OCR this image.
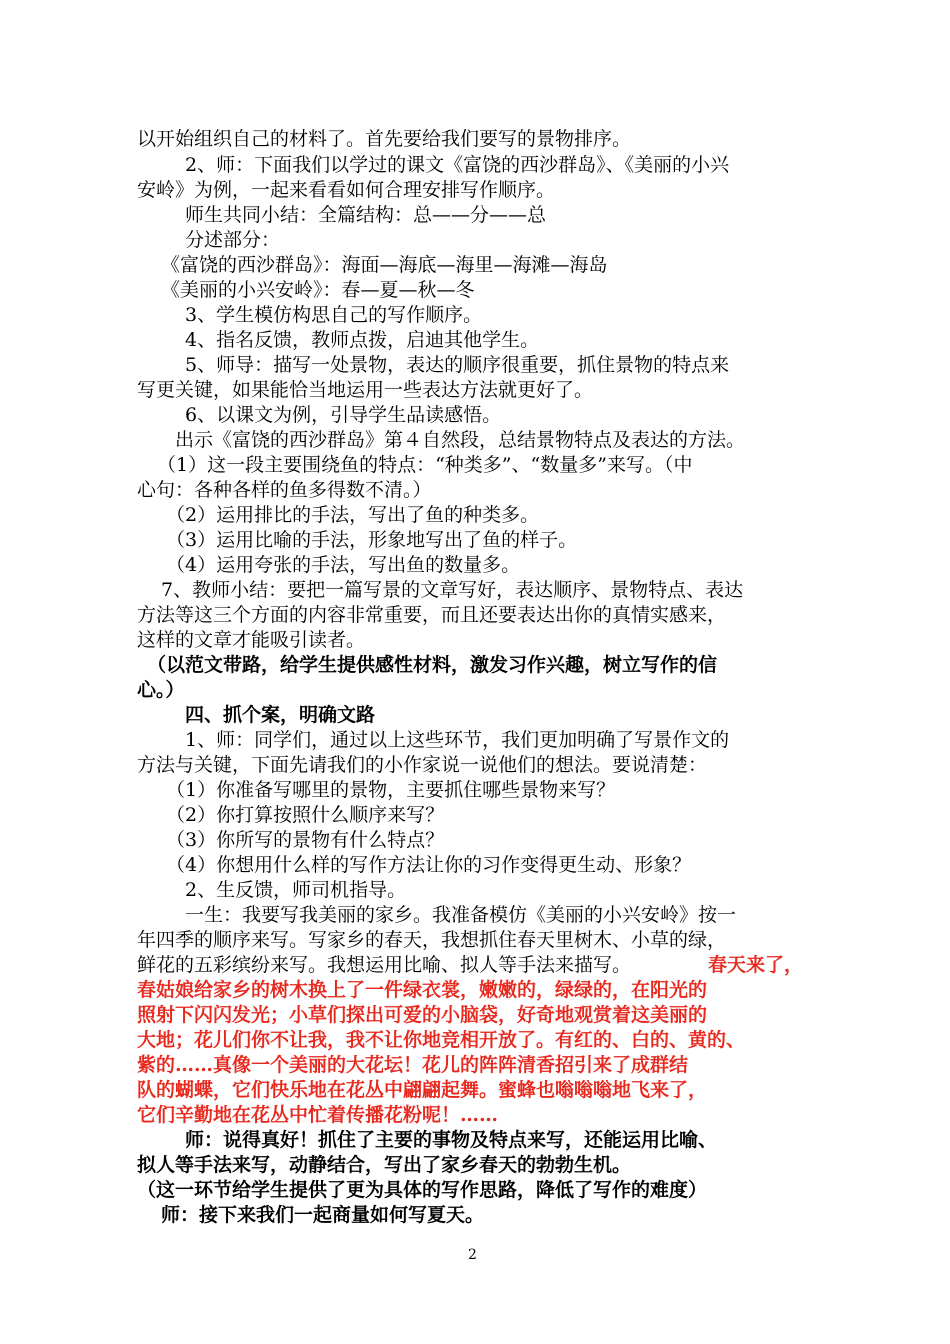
以开始组织自己的材料了。首先要给我们要写的景物排序。
2、师：下面我们以学过的课文《富饶的西沙群岛》、《美丽的小兴
安岭》为例，一起来看看如何合理安排写作顺序。
师生共同小结：全篇结构：总——分——总
分述部分：
《富饶的西沙群岛》：海面—海底—海里—海滩—海岛
《美丽的小兴安岭》：春—夏—秋—冬
3、学生模仿构思自己的写作顺序。
4、指名反馈，教师点拨，启迪其他学生。
5、师导：描写一处景物，表达的顺序很重要，抓住景物的特点来
写更关键，如果能恰当地运用一些表达方法就更好了。
6、以课文为例，引导学生品读感悟。
出示《富饶的西沙群岛》第４自然段，总结景物特点及表达的方法。
（1）这一段主要围绕鱼的特点：“种类多”、“数量多”来写。（中
心句：各种各样的鱼多得数不清。）
（2）运用排比的手法，写出了鱼的种类多。
（3）运用比喻的手法，形象地写出了鱼的样子。
（4）运用夸张的手法，写出鱼的数量多。
7、教师小结：要把一篇写景的文章写好，表达顺序、景物特点、表达
方法等这三个方面的内容非常重要，而且还要表达出你的真情实感来，
这样的文章才能吸引读者。
（以范文带路，给学生提供感性材料，激发习作兴趣，树立写作的信
心。）
四、抓个案，明确文路
1、师：同学们，通过以上这些环节，我们更加明确了写景作文的
方法与关键，下面先请我们的小作家说一说他们的想法。要说清楚：
（1）你准备写哪里的景物，主要抓住哪些景物来写？
（2）你打算按照什么顺序来写？
（3）你所写的景物有什么特点？
（4）你想用什么样的写作方法让你的习作变得更生动、形象？
2、生反馈，师司机指导。
一生：我要写我美丽的家乡。我准备模仿《美丽的小兴安岭》按一
年四季的顺序来写。写家乡的春天，我想抓住春天里树木、小草的绿，
鲜花的五彩缤纷来写。我想运用比喻、拟人等手法来描写。	春天来了，
春姑娘给家乡的树木换上了一件绿衣裳，嫩嫩的，绿绿的，在阳光的
照射下闪闪发光；小草们探出可爱的小脑袋，好奇地观赏着这美丽的
大地；花儿们你不让我，我不让你地竞相开放了。有红的、白的、黄的、
紫的……真像一个美丽的大花坛！花儿的阵阵清香招引来了成群结
队的蝴蝶，它们快乐地在花丛中翩翩起舞。蜜蜂也嗡嗡嗡地飞来了，
它们辛勤地在花丛中忙着传播花粉呢！……
师：说得真好！抓住了主要的事物及特点来写，还能运用比喻、
拟人等手法来写，动静结合，写出了家乡春天的勃勃生机。
（这一环节给学生提供了更为具体的写作思路，降低了写作的难度）
师：接下来我们一起商量如何写夏天。
2
